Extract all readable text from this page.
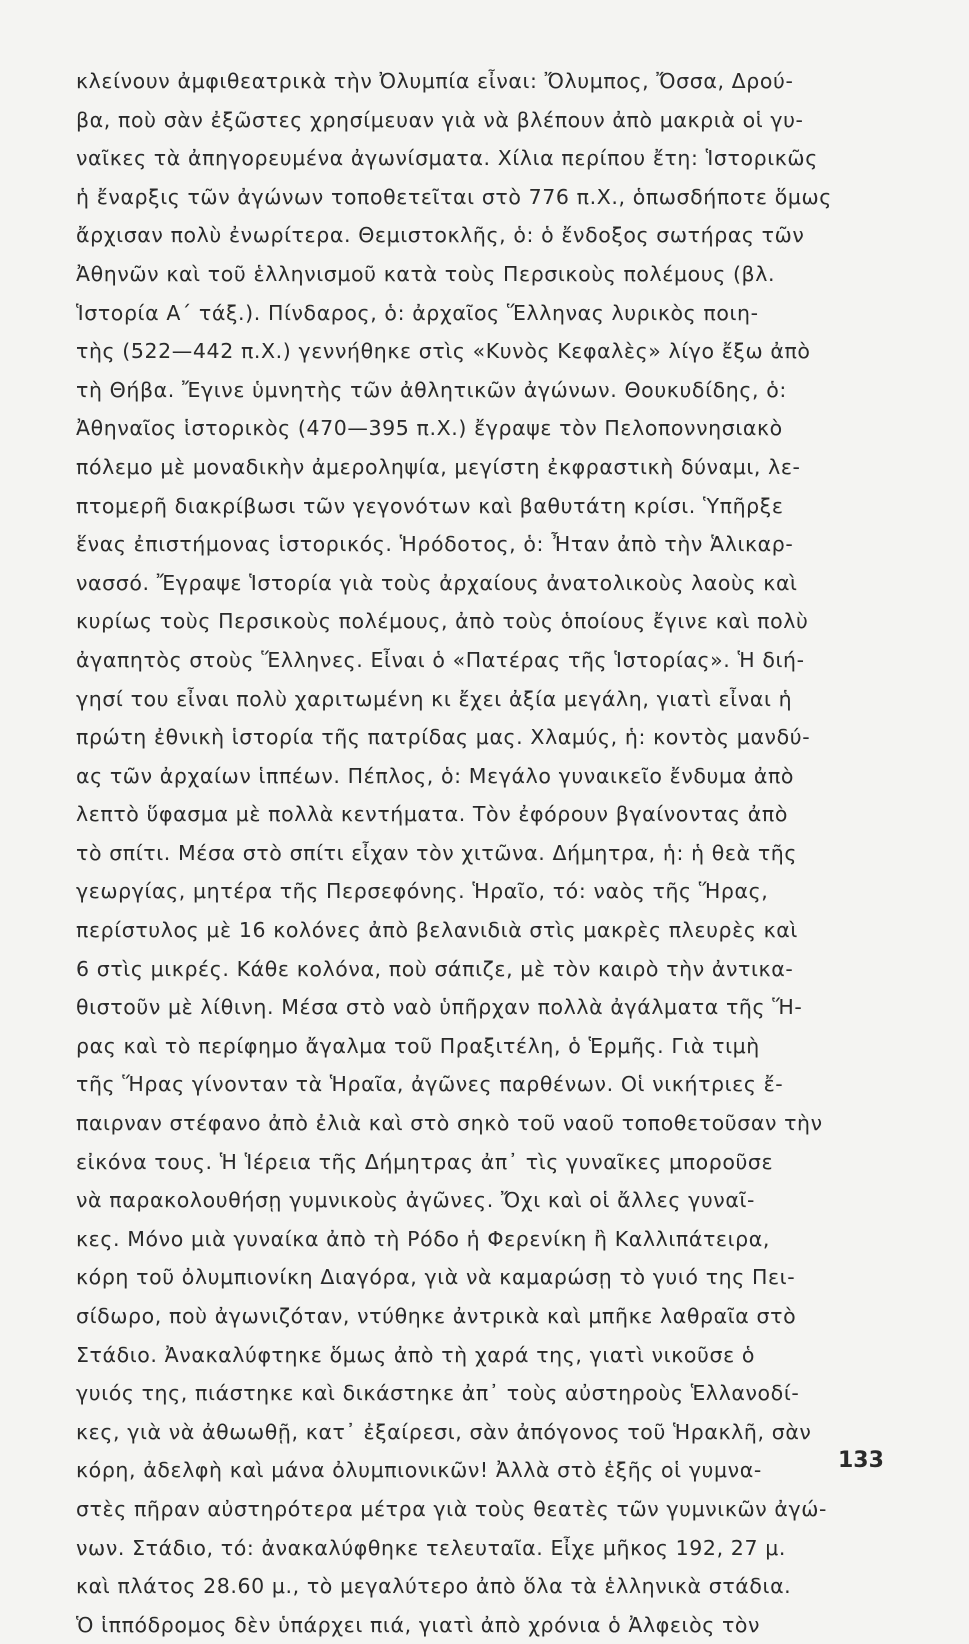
κλείνουν ἀμφιθεατρικὰ τὴν Ὀλυμπία εἶναι: Ὄλυμπος, Ὄσσα, Δρού-
βα, ποὺ σὰν ἐξῶστες χρησίμευαν γιὰ νὰ βλέπουν ἀπὸ μακριὰ οἱ γυ-
ναῖκες τὰ ἀπηγορευμένα ἀγωνίσματα. Χίλια περίπου ἔτη: Ἱστορικῶς
ἡ ἔναρξις τῶν ἀγώνων τοποθετεῖται στὸ 776 π.Χ., ὁπωσδήποτε ὅμως
ἄρχισαν πολὺ ἐνωρίτερα. Θεμιστοκλῆς, ὁ: ὁ ἔνδοξος σωτήρας τῶν
Ἀθηνῶν καὶ τοῦ ἑλληνισμοῦ κατὰ τοὺς Περσικοὺς πολέμους (βλ.
Ἱστορία Α΄ τάξ.). Πίνδαρος, ὁ: ἀρχαῖος Ἕλληνας λυρικὸς ποιη-
τὴς (522—442 π.Χ.) γεννήθηκε στὶς «Κυνὸς Κεφαλὲς» λίγο ἔξω ἀπὸ
τὴ Θήβα. Ἔγινε ὑμνητὴς τῶν ἀθλητικῶν ἀγώνων. Θουκυδίδης, ὁ:
Ἀθηναῖος ἱστορικὸς (470—395 π.Χ.) ἔγραψε τὸν Πελοποννησιακὸ
πόλεμο μὲ μοναδικὴν ἀμεροληψία, μεγίστη ἐκφραστικὴ δύναμι, λε-
πτομερῆ διακρίβωσι τῶν γεγονότων καὶ βαθυτάτη κρίσι. Ὑπῆρξε
ἕνας ἐπιστήμονας ἱστορικός. Ἡρόδοτος, ὁ: Ἦταν ἀπὸ τὴν Ἁλικαρ-
νασσό. Ἔγραψε Ἱστορία γιὰ τοὺς ἀρχαίους ἀνατολικοὺς λαοὺς καὶ
κυρίως τοὺς Περσικοὺς πολέμους, ἀπὸ τοὺς ὁποίους ἔγινε καὶ πολὺ
ἀγαπητὸς στοὺς Ἕλληνες. Εἶναι ὁ «Πατέρας τῆς Ἱστορίας». Ἡ διή-
γησί του εἶναι πολὺ χαριτωμένη κι ἔχει ἀξία μεγάλη, γιατὶ εἶναι ἡ
πρώτη ἐθνικὴ ἱστορία τῆς πατρίδας μας. Χλαμύς, ἡ: κοντὸς μανδύ-
ας τῶν ἀρχαίων ἱππέων. Πέπλος, ὁ: Μεγάλο γυναικεῖο ἔνδυμα ἀπὸ
λεπτὸ ὕφασμα μὲ πολλὰ κεντήματα. Τὸν ἐφόρουν βγαίνοντας ἀπὸ
τὸ σπίτι. Μέσα στὸ σπίτι εἶχαν τὸν χιτῶνα. Δήμητρα, ἡ: ἡ θεὰ τῆς
γεωργίας, μητέρα τῆς Περσεφόνης. Ἡραῖο, τό: ναὸς τῆς Ἥρας,
περίστυλος μὲ 16 κολόνες ἀπὸ βελανιδιὰ στὶς μακρὲς πλευρὲς καὶ
6 στὶς μικρές. Κάθε κολόνα, ποὺ σάπιζε, μὲ τὸν καιρὸ τὴν ἀντικα-
θιστοῦν μὲ λίθινη. Μέσα στὸ ναὸ ὑπῆρχαν πολλὰ ἀγάλματα τῆς Ἥ-
ρας καὶ τὸ περίφημο ἄγαλμα τοῦ Πραξιτέλη, ὁ Ἑρμῆς. Γιὰ τιμὴ
τῆς Ἥρας γίνονταν τὰ Ἡραῖα, ἀγῶνες παρθένων. Οἱ νικήτριες ἔ-
παιρναν στέφανο ἀπὸ ἐλιὰ καὶ στὸ σηκὸ τοῦ ναοῦ τοποθετοῦσαν τὴν
εἰκόνα τους. Ἡ Ἱέρεια τῆς Δήμητρας ἀπ᾿ τὶς γυναῖκες μποροῦσε
νὰ παρακολουθήσῃ γυμνικοὺς ἀγῶνες. Ὄχι καὶ οἱ ἄλλες γυναῖ-
κες. Μόνο μιὰ γυναίκα ἀπὸ τὴ Ρόδο ἡ Φερενίκη ἢ Καλλιπάτειρα,
κόρη τοῦ ὀλυμπιονίκη Διαγόρα, γιὰ νὰ καμαρώσῃ τὸ γυιό της Πει-
σίδωρο, ποὺ ἀγωνιζόταν, ντύθηκε ἀντρικὰ καὶ μπῆκε λαθραῖα στὸ
Στάδιο. Ἀνακαλύφτηκε ὅμως ἀπὸ τὴ χαρά της, γιατὶ νικοῦσε ὁ
γυιός της, πιάστηκε καὶ δικάστηκε ἀπ᾿ τοὺς αὐστηροὺς Ἑλλανοδί-
κες, γιὰ νὰ ἀθωωθῇ, κατ᾿ ἐξαίρεσι, σὰν ἀπόγονος τοῦ Ἡρακλῆ, σὰν
κόρη, ἀδελφὴ καὶ μάνα ὀλυμπιονικῶν! Ἀλλὰ στὸ ἑξῆς οἱ γυμνα-
στὲς πῆραν αὐστηρότερα μέτρα γιὰ τοὺς θεατὲς τῶν γυμνικῶν ἀγώ-
νων. Στάδιο, τό: ἀνακαλύφθηκε τελευταῖα. Εἶχε μῆκος 192, 27 μ.
καὶ πλάτος 28.60 μ., τὸ μεγαλύτερο ἀπὸ ὅλα τὰ ἑλληνικὰ στάδια.
Ὁ ἱππόδρομος δὲν ὑπάρχει πιά, γιατὶ ἀπὸ χρόνια ὁ Ἀλφειὸς τὸν
133
